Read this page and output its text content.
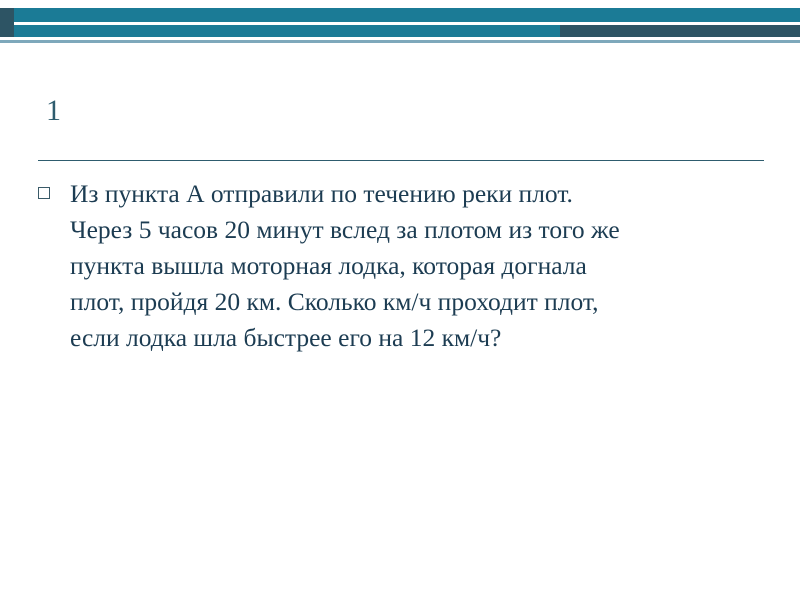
1
Из пункта А отправили по течению реки плот. Через 5 часов 20 минут вслед за плотом из того же пункта вышла моторная лодка, которая догнала плот, пройдя 20 км. Сколько км/ч проходит плот, если лодка шла быстрее его на 12 км/ч?
